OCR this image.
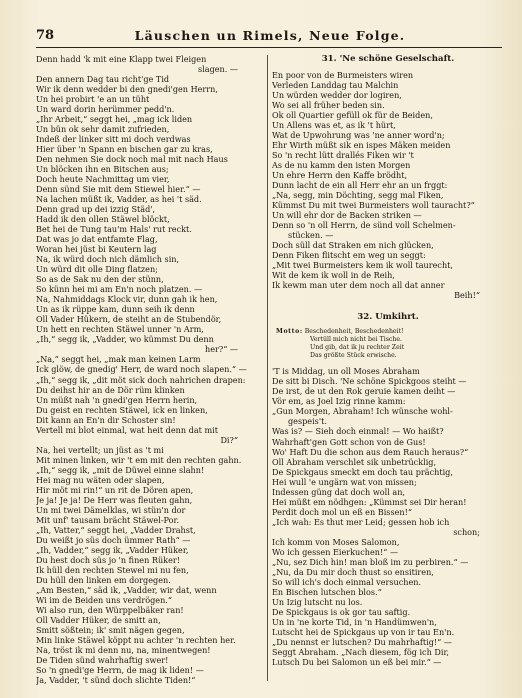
78	Läuschen un Rimels, Neue Folge.
Denn hadd 'k mit eine Klapp twei Fleigen
slagen. —
Den annern Dag tau richt'ge Tid
Wir ik denn wedder bi den gnedi'gen Herrn,
Un hei probirt 'e an un tüht
Un ward dorin herümmer pedd'n.
„Ihr Arbeit,“ seggt hei, „mag ick liden
Un bün ok sehr damit zufrieden,
Indeß der linker sitt mi doch verdwas
Hier über 'n Spann en bischen gar zu kras,
Den nehmen Sie dock noch mal mit nach Haus
Un blöcken ihn en Bitschen aus;
Doch heute Nachmittag um vier,
Denn sünd Sie mit dem Stiewel hier.“ —
Na lachen müßt ik, Vadder, as hei 't säd.
Denn grad up dei izzig Städ',
Hadd ik den ollen Stäwel blöckt,
Bet hei de Tung tau'm Hals' rut reckt.
Dat was jo dat entfamte Flag,
Woran hei jüst bi Keutern lag
Na, ik würd doch nich dämlich sin,
Un würd dit olle Ding flatzen;
So as de Sak nu den der stünn,
So künn hei mi am En'n noch platzen. —
Na, Nahmiddags Klock vir, dunn gah ik hen,
Un as ik rüppe kam, dunn seih ik denn
Oll Vader Hükern, de steiht an de Stubendör,
Un hett en rechten Stäwel unner 'n Arm,
„Ih,“ segg ik, „Vadder, wo kümmst Du denn
her?“ —
„Na,“ seggt hei, „mak man keinen Larm
Ick glöw, de gnedig' Herr, de ward noch slapen.“ —
„Ih,“ segg ik, „dit möt sick doch nahrichen drapen:
Du deihst hir an de Dör rüm klinken
Un müßt nah 'n gnedi'gen Herrn herin,
Du geist en rechten Stäwel, ick en linken,
Dit kann an En'n dir Schoster sin!
Vertell mi blot einmal, wat heit denn dat mit
Di?“
Na, hei vertellt; un jüst as 't mi
Mit minen linken, wir 't em mit den rechten gahn.
„Ih,“ segg ik, „mit de Düwel einne slahn!
Hei mag nu wäten oder slapen,
Hir möt mi rin!“ un rit de Dören apen,
Je ja! Je ja! De Herr was fleuten gahn,
Un mi twei Dämelklas, wi stün'n dor
Mit unf' tausam brächt Stäwel-Por.
„Ih, Vatter,“ seggt hei, „Vadder Drahst,
Du weißt jo süs doch ümmer Rath“ —
„Ih, Vadder,“ segg ik, „Vadder Hüker,
Du hest doch süs jo 'n finen Rüker!
Ik hüll den rechten Stewel mi nu fen,
Du hüll den linken em dorgegen.
„Am Besten,“ säd ik, „Vadder, wir dat, wenn
Wi im de Beiden uns verdrögen.“
Wi also run, den Würppelbäker ran!
Oll Vadder Hüker, de smitt an,
Smitt sößtein; ik' smit nägen gegen,
Min linke Stäwel köppt nu achter 'n rechten her.
Na, tröst ik mi denn nu, na, minentwegen!
De Tiden sünd wahrhaftig swer!
So 'n gnedi'ge Herrn, de mag ik liden! —
Ja, Vadder, 't sünd doch slichte Tiden!“
31. 'Ne schöne Geselschaft.
En poor von de Burmeisters wiren
Verleden Landdag tau Malchin
Un würden wedder dor logiren,
Wo sei all früher beden sin.
Ok oll Quartier gefüll ok für de Beiden,
Un Allens was et, as ik 't hürt,
Wat de Upwohrung was 'ne anner word'n;
Ehr Wirth müßt sik en ispes Mäken meiden
So 'n recht lütt drallés Fiken wir 't
As de nu kamm den isten Morgen
Un ehre Herrn den Kaffe brödht,
Dunn lacht de ein all Herr ehr an un frggt:
„Na, segg, min Döchting, segg mal Fiken,
Kümmst Du mit twei Burmeisters woll tauracht?“
Un will ehr dor de Backen striken —
Denn so 'n oll Herrn, de sünd voll Schelmen-
stücken. —
Doch süll dat Straken em nich glücken,
Denn Fiken flitscht em weg un seggt:
„Mit twei Burmeisters kem ik woll taurecht,
Wit de kem ik woll in de Reih,
Ik kewm man uter dem noch all dat anner
Beih!“
32. Umkihrt.
Motto: Beschedenheit, Beschedenheit!
Vertüll mich nicht bei Tische.
Und gib, dat ik ju rechter Zeit
Das größte Stück erwische.
'T is Middag, un oll Moses Abraham
De sitt bi Disch. 'Ne schöne Spickgoos steiht —
De irst, de ut den Rok geruie kamen deiht —
Vör em, as Joel Izig rinne kamm:
„Gun Morgen, Abraham! Ich wünsche wohl-
gespeis't.
Was is? — Sieh doch einmal! — Wo haißt?
Wahrhaft'gen Gott schon von de Gus!
Wo' Haft Du die schon aus dem Rauch heraus?“
Oll Abraham verschlet sik unbetrücklig,
De Spickgaus smeckt em doch tau prächtig,
Hei wull 'e ungärn wat von missen;
Indessen güng dat doch woll an,
Hei müßt em nödhgen: „Kümmst sei Dir heran!
Perdit doch mol un eß en Bissen!“
„Ich wah: Es thut mer Leid; gessen hob ich
schon;
Ich komm von Moses Salomon,
Wo ich gessen Eierkuchen!“ —
„Nu, sez Dich hin! man bloß im zu perbiren.“ —
„Nu, da Du mir doch thust so ensitiren,
So will ich's doch einmal versuchen.
En Bischen lutschen blos.“
Un Izig lutscht nu los.
De Spickgaus is ok gor tau saftig.
Un in 'ne korte Tid, in 'n Handümwen'n,
Lutscht hei de Spickgaus up von ir tau En'n.
„Du nennst er lutschen? Du mahrhaftig!“ —
Seggt Abraham. „Nach diesem, fög ich Dir,
Lutsch Du bei Salomon un eß bei mir.“ —
